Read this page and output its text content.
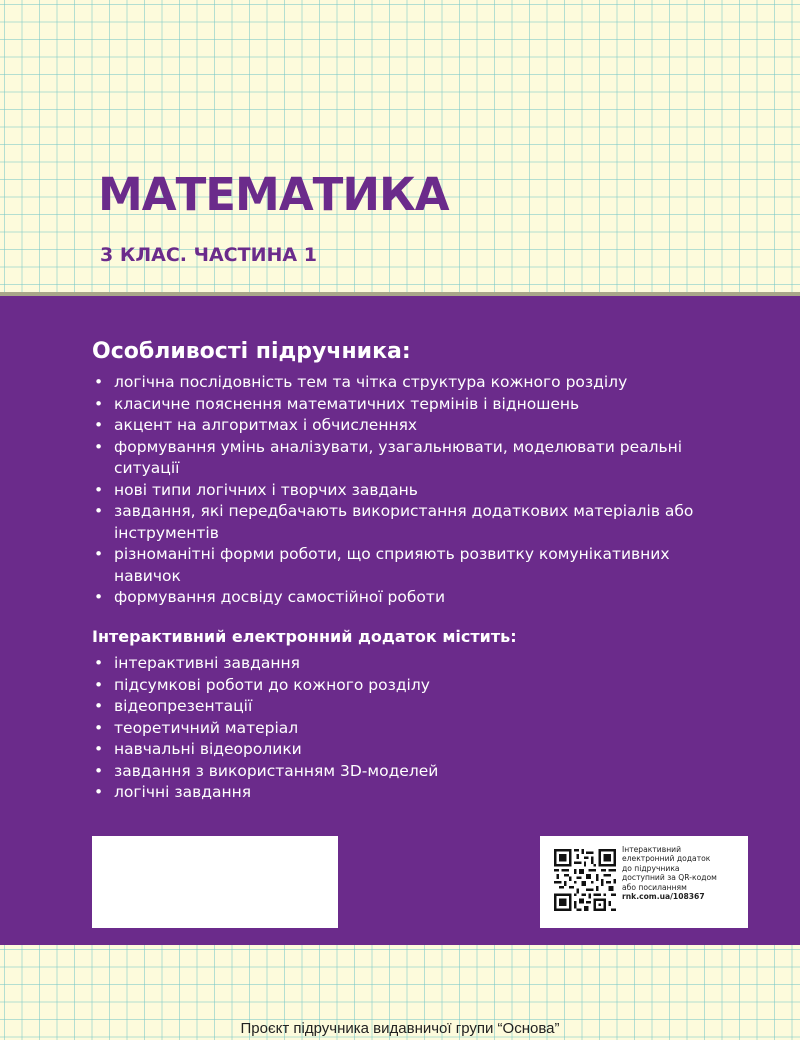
МАТЕМАТИКА
3 КЛАС. ЧАСТИНА 1
Особливості підручника:
• логічна послідовність тем та чітка структура кожного розділу
• класичне пояснення математичних термінів і відношень
• акцент на алгоритмах і обчисленнях
• формування умінь аналізувати, узагальнювати, моделювати реальні ситуації
• нові типи логічних і творчих завдань
• завдання, які передбачають використання додаткових матеріалів або інструментів
• різноманітні форми роботи, що сприяють розвитку комунікативних навичок
• формування досвіду самостійної роботи
Інтерактивний електронний додаток містить:
• інтерактивні завдання
• підсумкові роботи до кожного розділу
• відеопрезентації
• теоретичний матеріал
• навчальні відеоролики
• завдання з використанням 3D-моделей
• логічні завдання
Інтерактивний
електронний додаток
до підручника
доступний за QR-кодом
або посиланням
rnk.com.ua/108367
Проєкт підручника видавничої групи “Основа”
